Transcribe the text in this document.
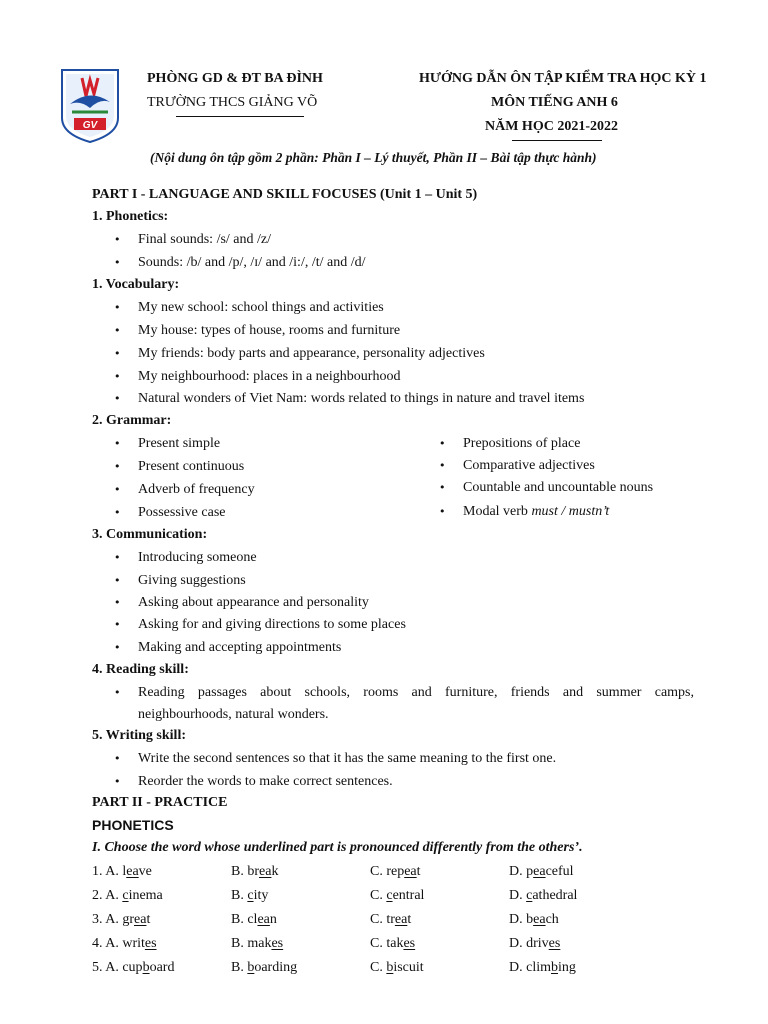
GV
PHÒNG GD & ĐT BA ĐÌNH
TRƯỜNG THCS GIẢNG VÕ
HƯỚNG DẪN ÔN TẬP KIỂM TRA HỌC KỲ 1
MÔN TIẾNG ANH 6
NĂM HỌC 2021-2022
(Nội dung ôn tập gồm 2 phần: Phần I – Lý thuyết, Phần II – Bài tập thực hành)
PART I - LANGUAGE AND SKILL FOCUSES (Unit 1 – Unit 5)
1. Phonetics:
•
Final sounds: /s/ and /z/
•
Sounds: /b/ and /p/, /ɪ/ and /i:/, /t/ and /d/
1. Vocabulary:
•
My new school: school things and activities
•
My house: types of house, rooms and furniture
•
My friends: body parts and appearance, personality adjectives
•
My neighbourhood: places in a neighbourhood
•
Natural wonders of Viet Nam: words related to things in nature and travel items
2. Grammar:
•
Present simple
•
Present continuous
•
Adverb of frequency
•
Possessive case
•
Prepositions of place
•
Comparative adjectives
•
Countable and uncountable nouns
•
Modal verb must / mustn’t
3. Communication:
•
Introducing someone
•
Giving suggestions
•
Asking about appearance and personality
•
Asking for and giving directions to some places
•
Making and accepting appointments
4. Reading skill:
•
Reading passages about schools, rooms and furniture, friends and summer camps,
neighbourhoods, natural wonders.
5. Writing skill:
•
Write the second sentences so that it has the same meaning to the first one.
•
Reorder the words to make correct sentences.
PART II - PRACTICE
PHONETICS
I. Choose the word whose underlined part is pronounced differently from the others’.
1. A. leave	B. break	C. repeat	D. peaceful
2. A. cinema	B. city	C. central	D. cathedral
3. A. great	B. clean	C. treat	D. beach
4. A. writes	B. makes	C. takes	D. drives
5. A. cupboard	B. boarding	C. biscuit	D. climbing
